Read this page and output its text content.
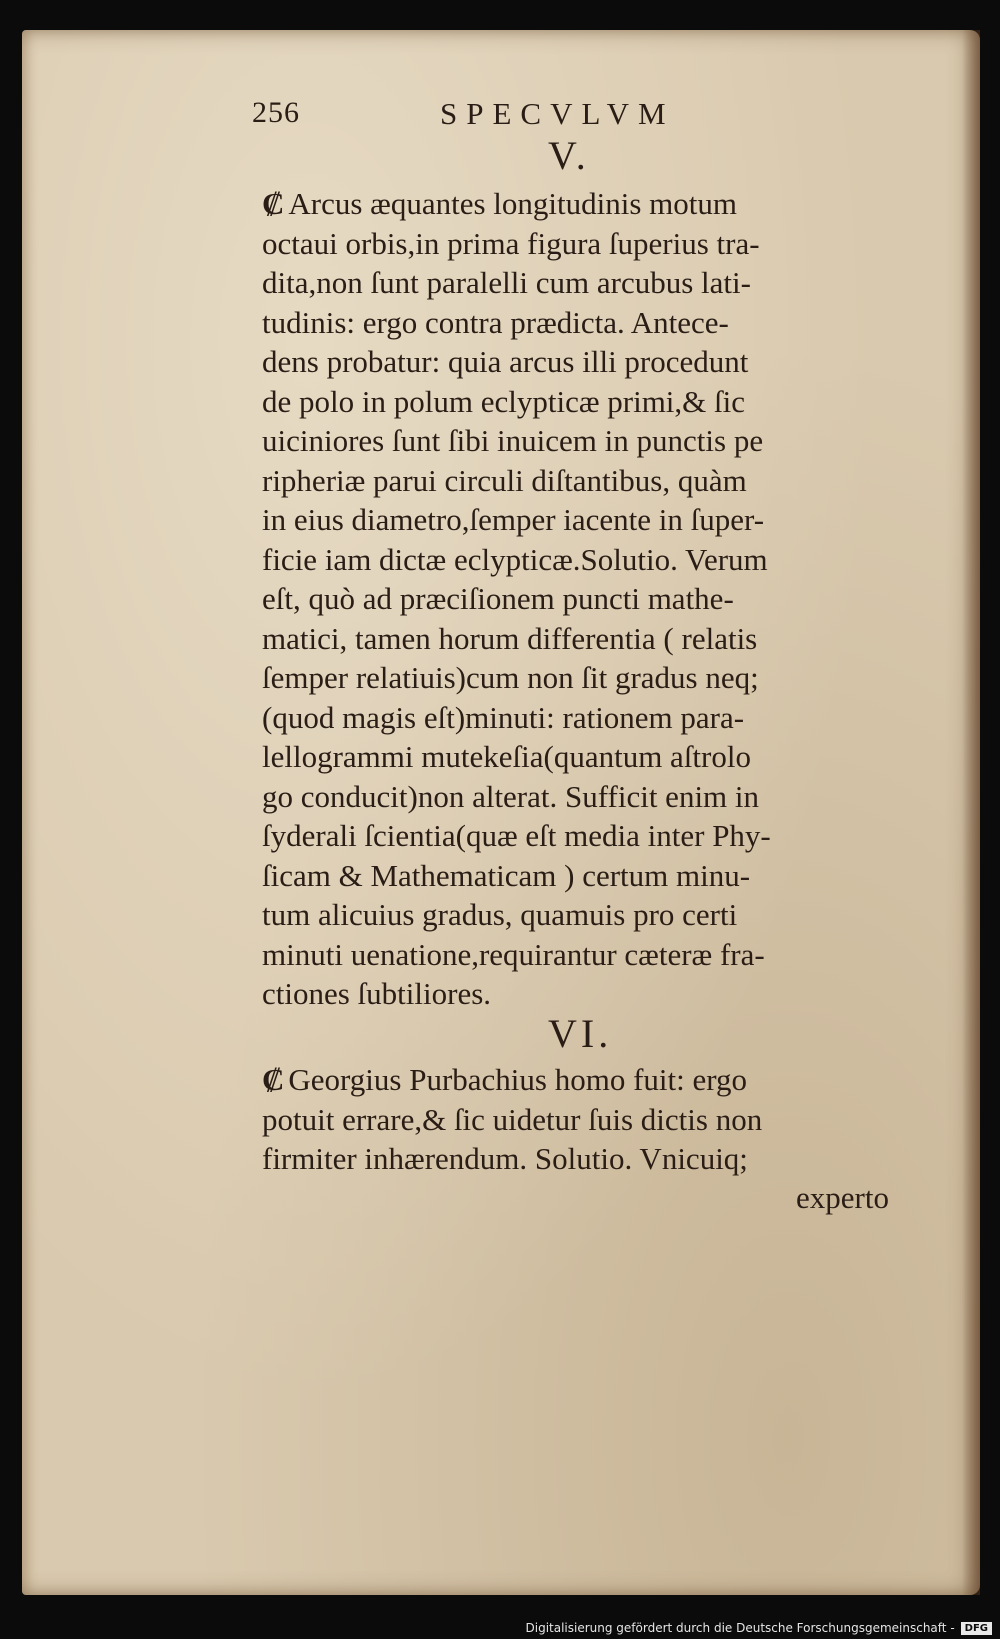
256	SPECVLVM
V.
₡ Arcus æquantes longitudinis motum
octaui orbis,in prima figura ſuperius tra-
dita,non ſunt paralelli cum arcubus lati-
tudinis: ergo contra prædicta. Antece-
dens probatur: quia arcus illi procedunt
de polo in polum eclypticæ primi,& ſic
uiciniores ſunt ſibi inuicem in punctis pe
ripheriæ parui circuli diſtantibus, quàm
in eius diametro,ſemper iacente in ſuper-
ficie iam dictæ eclypticæ.Solutio. Verum
eſt, quò ad præciſionem puncti mathe-
matici, tamen horum differentia ( relatis
ſemper relatiuis)cum non ſit gradus neq;
(quod magis eſt)minuti: rationem para-
lellogrammi mutekeſia(quantum aſtrolo
go conducit)non alterat. Sufficit enim in
ſyderali ſcientia(quæ eſt media inter Phy-
ſicam & Mathematicam ) certum minu-
tum alicuius gradus, quamuis pro certi
minuti uenatione,requirantur cæteræ fra-
ctiones ſubtiliores.
VI.
₡ Georgius Purbachius homo fuit: ergo
potuit errare,& ſic uidetur ſuis dictis non
firmiter inhærendum. Solutio. Vnicuiq;
experto
Digitalisierung gefördert durch die Deutsche Forschungsgemeinschaft -	DFG
